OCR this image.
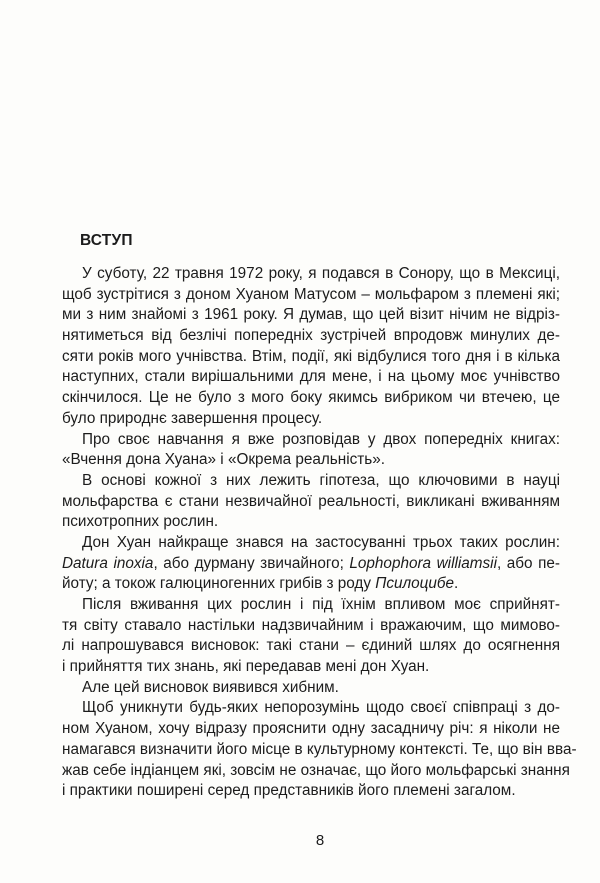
ВСТУП
У суботу, 22 травня 1972 року, я подався в Сонору, що в Мексиці,
щоб зустрітися з доном Хуаном Матусом – мольфаром з племені які;
ми з ним знайомі з 1961 року. Я думав, що цей візит нічим не відріз-
нятиметься від безлічі попередніх зустрічей впродовж минулих де-
сяти років мого учнівства. Втім, події, які відбулися того дня і в кілька
наступних, стали вирішальними для мене, і на цьому моє учнівство
скінчилося. Це не було з мого боку якимсь вибриком чи втечею, це
було природнє завершення процесу.
Про своє навчання я вже розповідав у двох попередніх книгах:
«Вчення дона Хуана» і «Окрема реальність».
В основі кожної з них лежить гіпотеза, що ключовими в науці
мольфарства є стани незвичайної реальності, викликані вживанням
психотропних рослин.
Дон Хуан найкраще знався на застосуванні трьох таких рослин:
Datura inoxia, або дурману звичайного; Lophophora williamsii, або пе-
йоту; а токож галюциногенних грибів з роду Псилоцибе.
Після вживання цих рослин і під їхнім впливом моє сприйнят-
тя світу ставало настільки надзвичайним і вражаючим, що мимово-
лі напрошувався висновок: такі стани – єдиний шлях до осягнення
і прийняття тих знань, які передавав мені дон Хуан.
Але цей висновок виявився хибним.
Щоб уникнути будь-яких непорозумінь щодо своєї співпраці з до-
ном Хуаном, хочу відразу прояснити одну засадничу річ: я ніколи не
намагався визначити його місце в культурному контексті. Те, що він вва-
жав себе індіанцем які, зовсім не означає, що його мольфарські знання
і практики поширені серед представників його племені загалом.
8
